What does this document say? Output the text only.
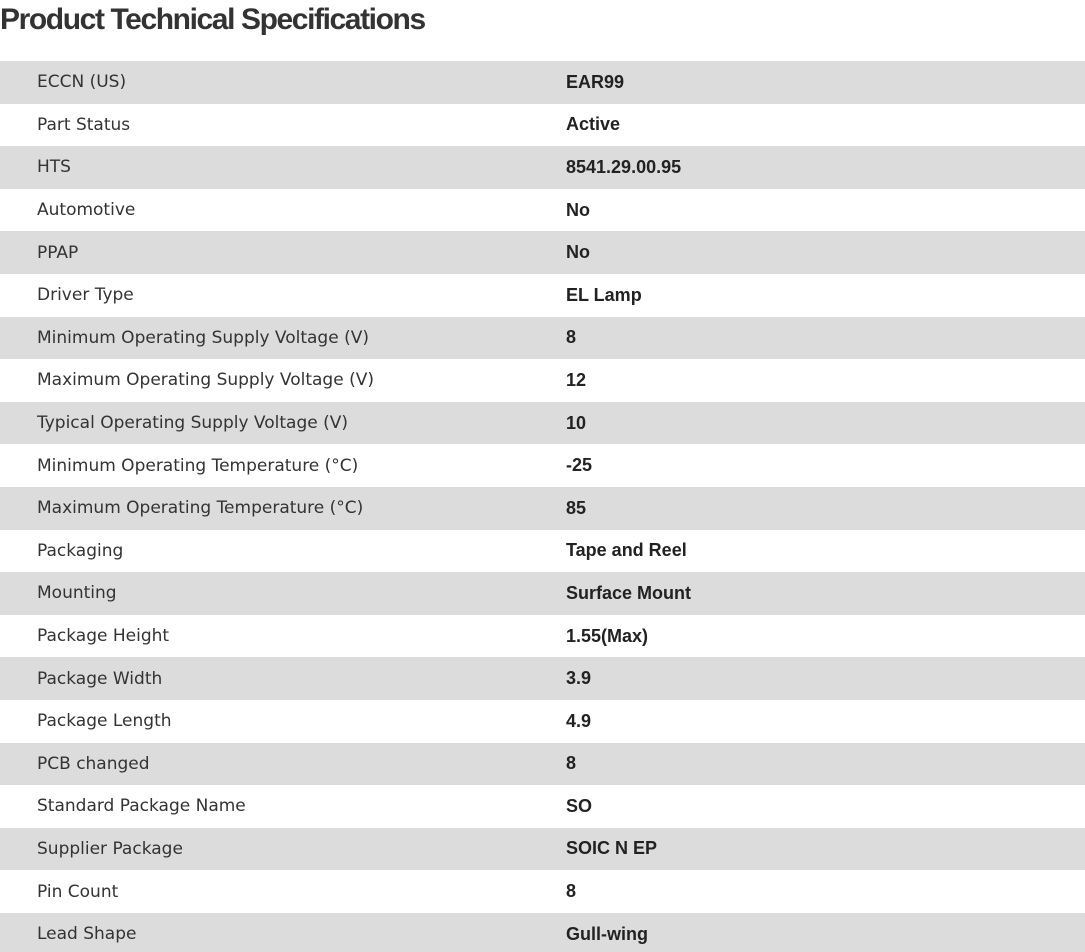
Product Technical Specifications
ECCN (US)	EAR99
Part Status	Active
HTS	8541.29.00.95
Automotive	No
PPAP	No
Driver Type	EL Lamp
Minimum Operating Supply Voltage (V)	8
Maximum Operating Supply Voltage (V)	12
Typical Operating Supply Voltage (V)	10
Minimum Operating Temperature (°C)	-25
Maximum Operating Temperature (°C)	85
Packaging	Tape and Reel
Mounting	Surface Mount
Package Height	1.55(Max)
Package Width	3.9
Package Length	4.9
PCB changed	8
Standard Package Name	SO
Supplier Package	SOIC N EP
Pin Count	8
Lead Shape	Gull-wing
